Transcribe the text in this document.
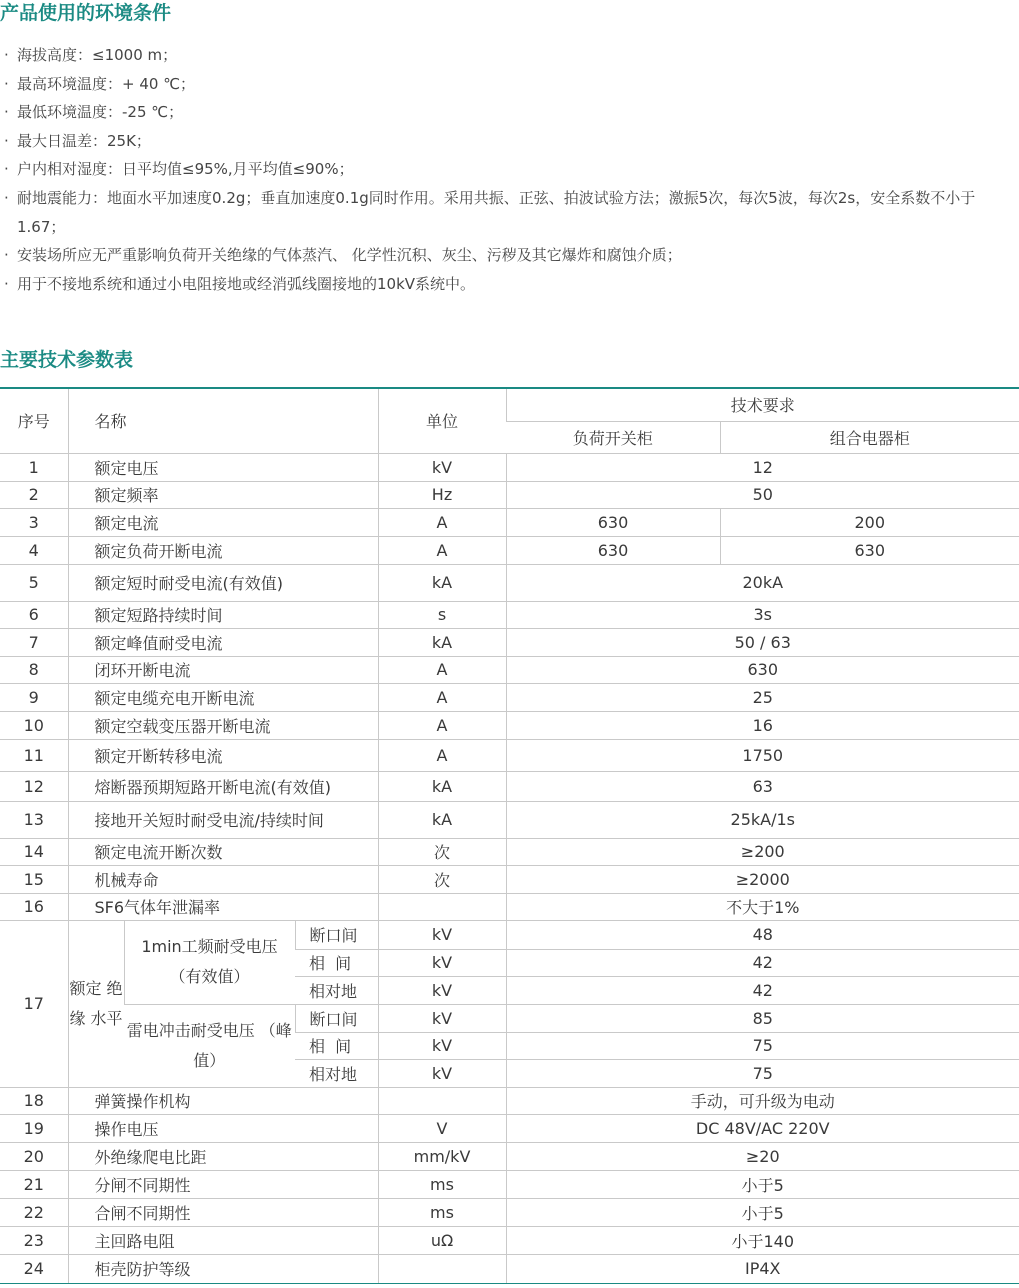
产品使用的环境条件
· 海拔高度：≤1000 m；
· 最高环境温度：+ 40 ℃；
· 最低环境温度：-25 ℃；
· 最大日温差：25K；
· 户内相对湿度：日平均值≤95%,月平均值≤90%；
· 耐地震能力：地面水平加速度0.2g；垂直加速度0.1g同时作用。采用共振、正弦、拍波试验方法；激振5次，每次5波，每次2s，安全系数不小于1.67；
· 安装场所应无严重影响负荷开关绝缘的气体蒸汽、 化学性沉积、灰尘、污秽及其它爆炸和腐蚀介质；
· 用于不接地系统和通过小电阻接地或经消弧线圈接地的10kV系统中。
主要技术参数表
序号	名称			单位	技术要求	
					负荷开关柜	组合电器柜
1	额定电压			kV	12	
2	额定频率			Hz	50	
3	额定电流			A	630	200
4	额定负荷开断电流			A	630	630
5	额定短时耐受电流(有效值)			kA	20kA	
6	额定短路持续时间			s	3s	
7	额定峰值耐受电流			kA	50 / 63	
8	闭环开断电流			A	630	
9	额定电缆充电开断电流			A	25	
10	额定空载变压器开断电流			A	16	
11	额定开断转移电流			A	1750	
12	熔断器预期短路开断电流(有效值)			kA	63	
13	接地开关短时耐受电流/持续时间			kA	25kA/1s	
14	额定电流开断次数			次	≥200	
15	机械寿命			次	≥2000	
16	SF6气体年泄漏率				不大于1%	
17	额定 绝缘 水平	1min工频耐受电压 （有效值）	断口间	kV	48	
			相  间	kV	42	
			相对地	kV	42	
		雷电冲击耐受电压 （峰值）	断口间	kV	85	
			相  间	kV	75	
			相对地	kV	75	
18	弹簧操作机构				手动，可升级为电动	
19	操作电压			V	DC 48V/AC 220V	
20	外绝缘爬电比距			mm/kV	≥20	
21	分闸不同期性			ms	小于5	
22	合闸不同期性			ms	小于5	
23	主回路电阻			uΩ	小于140	
24	柜壳防护等级				IP4X	
